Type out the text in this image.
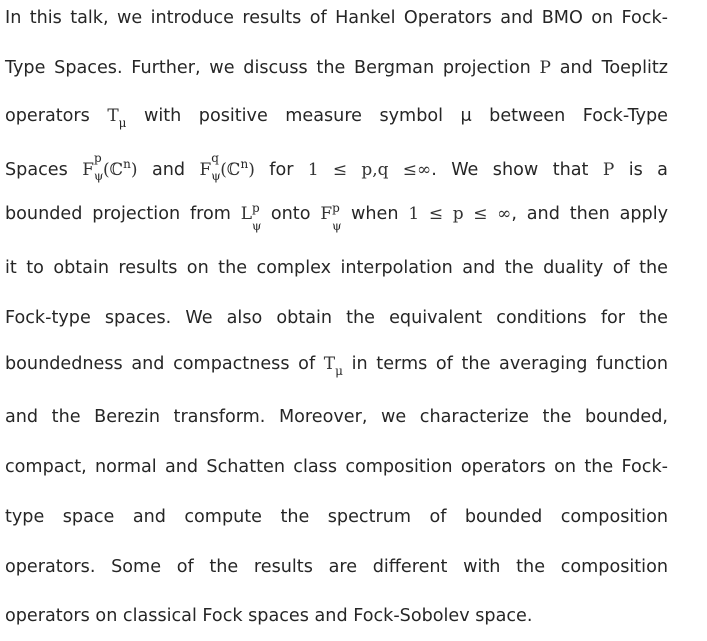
In this talk, we introduce results of Hankel Operators and BMO on Fock-
Type Spaces. Further, we discuss the Bergman projection P and Toeplitz
operators $T_\mu$ with positive measure symbol μ between Fock-Type
Spaces F
p
ψ (ℂ$^n$) and F
q
ψ (ℂ$^n$) for 1 ≤ p,q ≤∞. We show that P is a
bounded projection from L p
ψ
onto F p
ψ
when 1 ≤ p ≤ ∞, and then apply
it to obtain results on the complex interpolation and the duality of the
Fock-type spaces. We also obtain the equivalent conditions for the
boundedness and compactness of $T_\mu$ in terms of the averaging function
and the Berezin transform. Moreover, we characterize the bounded,
compact, normal and Schatten class composition operators on the Fock-
type space and compute the spectrum of bounded composition
operators. Some of the results are different with the composition
operators on classical Fock spaces and Fock-Sobolev space.
